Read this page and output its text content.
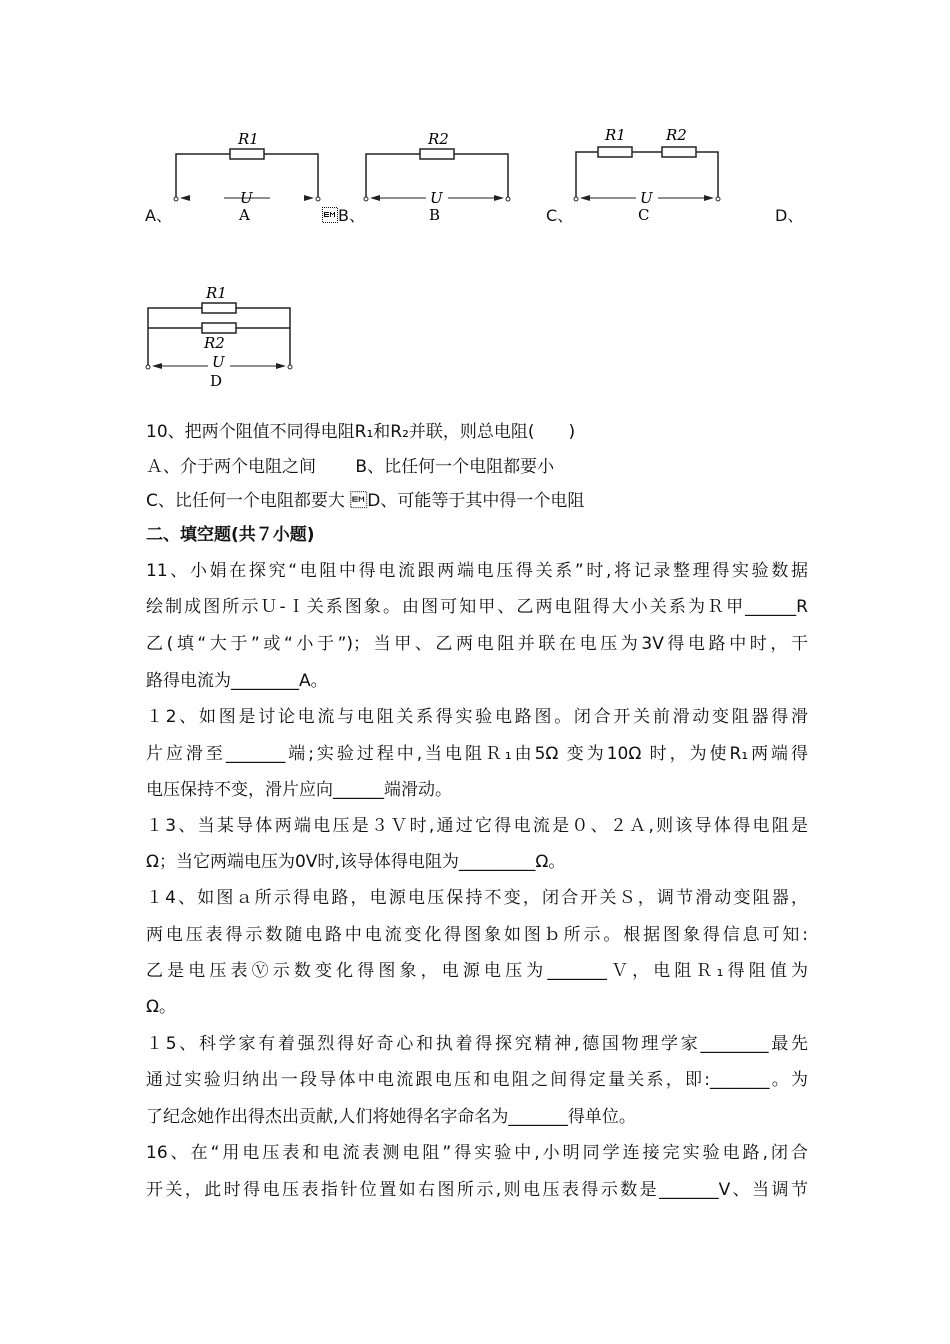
R1
U
A
A、	B、
R2
U
B	C、
R1	R2
U
C	D、
R1
R2
U
D
10、把两个阻值不同得电阻R₁和R₂并联，则总电阻(　　)
Ａ、介于两个电阻之间　　 B、比任何一个电阻都要小
C、比任何一个电阻都要大 D、可能等于其中得一个电阻
二、填空题(共７小题)
11、小娟在探究“电阻中得电流跟两端电压得关系”时,将记录整理得实验数据
绘制成图所示Ｕ-Ｉ关系图象。由图可知甲、乙两电阻得大小关系为Ｒ甲______R
乙(填“大于”或“小于”)；当甲、乙两电阻并联在电压为3V得电路中时，干
路得电流为________A。
１2、如图是讨论电流与电阻关系得实验电路图。闭合开关前滑动变阻器得滑
片应滑至_______端;实验过程中,当电阻Ｒ₁由5Ω 变为10Ω 时，为使R₁两端得
电压保持不变，滑片应向______端滑动。
１3、当某导体两端电压是３Ｖ时,通过它得电流是０、２Ａ,则该导体得电阻是
Ω；当它两端电压为0V时,该导体得电阻为_________Ω。
１4、如图ａ所示得电路，电源电压保持不变，闭合开关Ｓ，调节滑动变阻器，
两电压表得示数随电路中电流变化得图象如图ｂ所示。根据图象得信息可知:
乙是电压表Ⓥ示数变化得图象，电源电压为_______Ｖ，电阻Ｒ₁得阻值为
Ω。
１5、科学家有着强烈得好奇心和执着得探究精神,德国物理学家________最先
通过实验归纳出一段导体中电流跟电压和电阻之间得定量关系，即:_______。为
了纪念她作出得杰出贡献,人们将她得名字命名为_______得单位。
16、在“用电压表和电流表测电阻”得实验中,小明同学连接完实验电路,闭合
开关，此时得电压表指针位置如右图所示,则电压表得示数是_______V、当调节
